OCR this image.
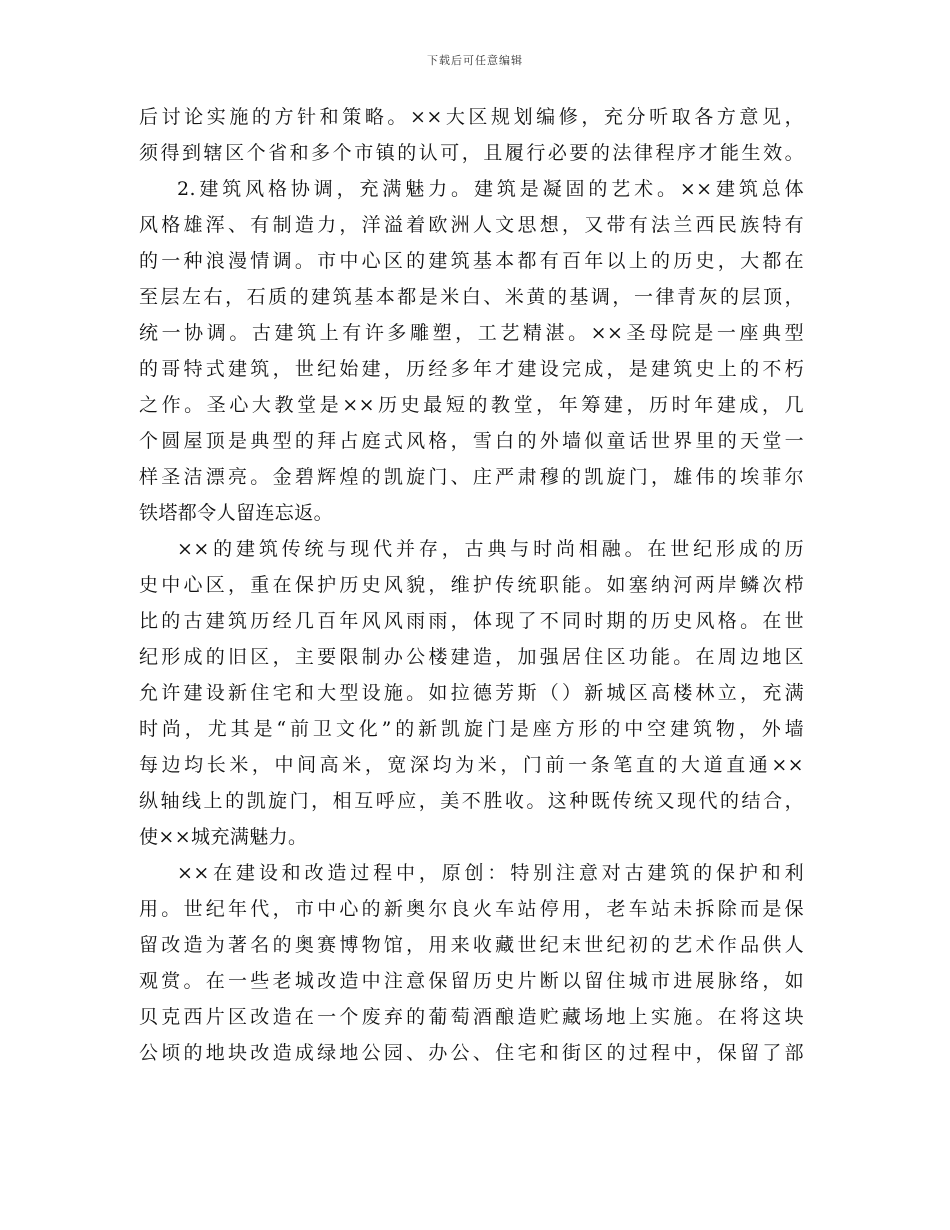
下载后可任意编辑
后讨论实施的方针和策略。××大区规划编修，充分听取各方意见，
须得到辖区个省和多个市镇的认可，且履行必要的法律程序才能生效。
2.建筑风格协调，充满魅力。建筑是凝固的艺术。××建筑总体
风格雄浑、有制造力，洋溢着欧洲人文思想，又带有法兰西民族特有
的一种浪漫情调。市中心区的建筑基本都有百年以上的历史，大都在
至层左右，石质的建筑基本都是米白、米黄的基调，一律青灰的层顶，
统一协调。古建筑上有许多雕塑，工艺精湛。××圣母院是一座典型
的哥特式建筑，世纪始建，历经多年才建设完成，是建筑史上的不朽
之作。圣心大教堂是××历史最短的教堂，年筹建，历时年建成，几
个圆屋顶是典型的拜占庭式风格，雪白的外墙似童话世界里的天堂一
样圣洁漂亮。金碧辉煌的凯旋门、庄严肃穆的凯旋门，雄伟的埃菲尔
铁塔都令人留连忘返。
××的建筑传统与现代并存，古典与时尚相融。在世纪形成的历
史中心区，重在保护历史风貌，维护传统职能。如塞纳河两岸鳞次栉
比的古建筑历经几百年风风雨雨，体现了不同时期的历史风格。在世
纪形成的旧区，主要限制办公楼建造，加强居住区功能。在周边地区
允许建设新住宅和大型设施。如拉德芳斯（）新城区高楼林立，充满
时尚，尤其是“前卫文化”的新凯旋门是座方形的中空建筑物，外墙
每边均长米，中间高米，宽深均为米，门前一条笔直的大道直通××
纵轴线上的凯旋门，相互呼应，美不胜收。这种既传统又现代的结合，
使××城充满魅力。
××在建设和改造过程中，原创：特别注意对古建筑的保护和利
用。世纪年代，市中心的新奥尔良火车站停用，老车站未拆除而是保
留改造为著名的奥赛博物馆，用来收藏世纪末世纪初的艺术作品供人
观赏。在一些老城改造中注意保留历史片断以留住城市进展脉络，如
贝克西片区改造在一个废弃的葡萄酒酿造贮藏场地上实施。在将这块
公顷的地块改造成绿地公园、办公、住宅和街区的过程中，保留了部
